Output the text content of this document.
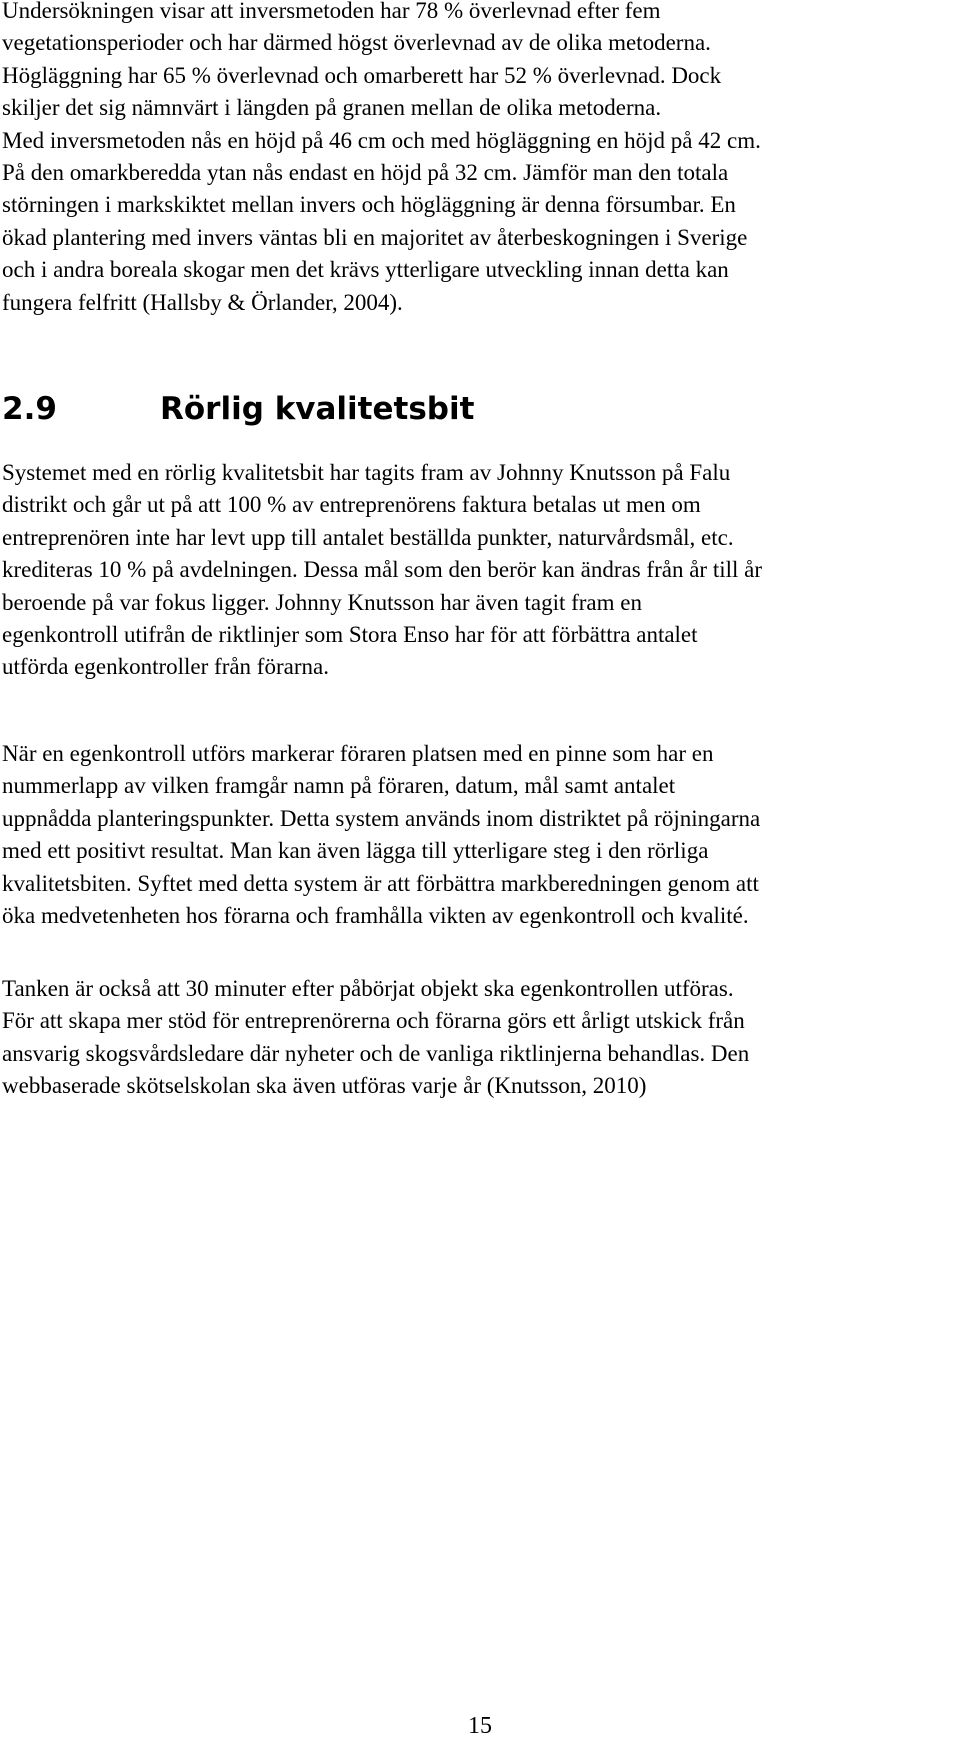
Undersökningen visar att inversmetoden har 78 % överlevnad efter fem
vegetationsperioder och har därmed högst överlevnad av de olika metoderna.
Högläggning har 65 % överlevnad och omarberett har 52 % överlevnad. Dock
skiljer det sig nämnvärt i längden på granen mellan de olika metoderna.
Med inversmetoden nås en höjd på 46 cm och med högläggning en höjd på 42 cm.
På den omarkberedda ytan nås endast en höjd på 32 cm. Jämför man den totala
störningen i markskiktet mellan invers och högläggning är denna försumbar. En
ökad plantering med invers väntas bli en majoritet av återbeskogningen i Sverige
och i andra boreala skogar men det krävs ytterligare utveckling innan detta kan
fungera felfritt (Hallsby & Örlander, 2004).

2.9	Rörlig kvalitetsbit

Systemet med en rörlig kvalitetsbit har tagits fram av Johnny Knutsson på Falu
distrikt och går ut på att 100 % av entreprenörens faktura betalas ut men om
entreprenören inte har levt upp till antalet beställda punkter, naturvårdsmål, etc.
krediteras 10 % på avdelningen. Dessa mål som den berör kan ändras från år till år
beroende på var fokus ligger. Johnny Knutsson har även tagit fram en
egenkontroll utifrån de riktlinjer som Stora Enso har för att förbättra antalet
utförda egenkontroller från förarna.

När en egenkontroll utförs markerar föraren platsen med en pinne som har en
nummerlapp av vilken framgår namn på föraren, datum, mål samt antalet
uppnådda planteringspunkter. Detta system används inom distriktet på röjningarna
med ett positivt resultat. Man kan även lägga till ytterligare steg i den rörliga
kvalitetsbiten. Syftet med detta system är att förbättra markberedningen genom att
öka medvetenheten hos förarna och framhålla vikten av egenkontroll och kvalité.

Tanken är också att 30 minuter efter påbörjat objekt ska egenkontrollen utföras.
För att skapa mer stöd för entreprenörerna och förarna görs ett årligt utskick från
ansvarig skogsvårdsledare där nyheter och de vanliga riktlinjerna behandlas. Den
webbaserade skötselskolan ska även utföras varje år (Knutsson, 2010)

15
